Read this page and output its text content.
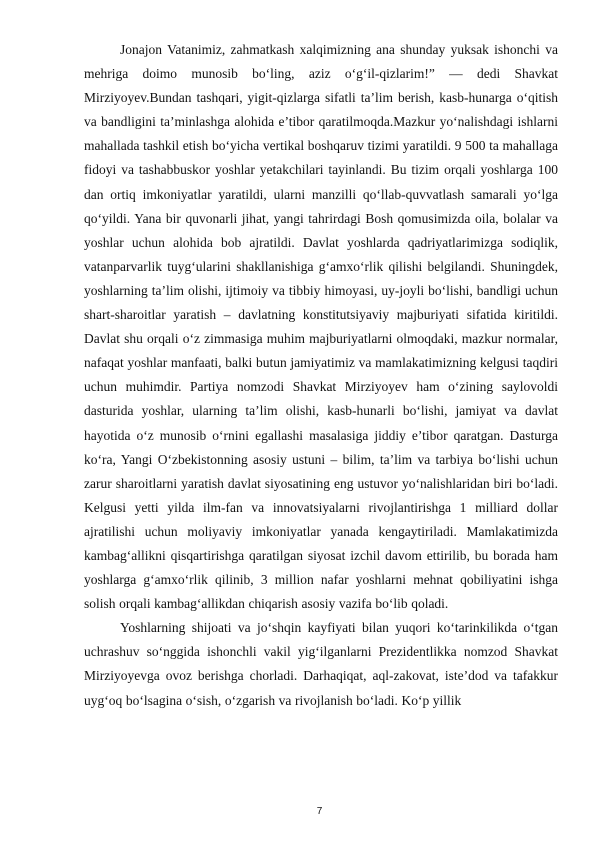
Jonajon Vatanimiz, zahmatkash xalqimizning ana shunday yuksak ishonchi va mehriga doimo munosib bo‘ling, aziz o‘g‘il-qizlarim!” — dedi Shavkat Mirziyoyev.Bundan tashqari, yigit-qizlarga sifatli ta’lim berish, kasb-hunarga o‘qitish va bandligini ta’minlashga alohida e’tibor qaratilmoqda.Mazkur yo‘nalishdagi ishlarni mahallada tashkil etish bo‘yicha vertikal boshqaruv tizimi yaratildi. 9 500 ta mahallaga fidoyi va tashabbuskor yoshlar yetakchilari tayinlandi. Bu tizim orqali yoshlarga 100 dan ortiq imkoniyatlar yaratildi, ularni manzilli qo‘llab-quvvatlash samarali yo‘lga qo‘yildi. Yana bir quvonarli jihat, yangi tahrirdagi Bosh qomusimizda oila, bolalar va yoshlar uchun alohida bob ajratildi. Davlat yoshlarda qadriyatlarimizga sodiqlik, vatanparvarlik tuyg‘ularini shakllanishiga g‘amxo‘rlik qilishi belgilandi. Shuningdek, yoshlarning ta’lim olishi, ijtimoiy va tibbiy himoyasi, uy-joyli bo‘lishi, bandligi uchun shart-sharoitlar yaratish – davlatning konstitutsiyaviy majburiyati sifatida kiritildi. Davlat shu orqali o‘z zimmasiga muhim majburiyatlarni olmoqdaki, mazkur normalar, nafaqat yoshlar manfaati, balki butun jamiyatimiz va mamlakatimizning kelgusi taqdiri uchun muhimdir. Partiya nomzodi Shavkat Mirziyoyev ham o‘zining saylovoldi dasturida yoshlar, ularning ta’lim olishi, kasb-hunarli bo‘lishi, jamiyat va davlat hayotida o‘z munosib o‘rnini egallashi masalasiga jiddiy e’tibor qaratgan. Dasturga ko‘ra, Yangi O‘zbekistonning asosiy ustuni – bilim, ta’lim va tarbiya bo‘lishi uchun zarur sharoitlarni yaratish davlat siyosatining eng ustuvor yo‘nalishlaridan biri bo‘ladi. Kelgusi yetti yilda ilm-fan va innovatsiyalarni rivojlantirishga 1 milliard dollar ajratilishi uchun moliyaviy imkoniyatlar yanada kengaytiriladi. Mamlakatimizda kambag‘allikni qisqartirishga qaratilgan siyosat izchil davom ettirilib, bu borada ham yoshlarga g‘amxo‘rlik qilinib, 3 million nafar yoshlarni mehnat qobiliyatini ishga solish orqali kambag‘allikdan chiqarish asosiy vazifa bo‘lib qoladi.

Yoshlarning shijoati va jo‘shqin kayfiyati bilan yuqori ko‘tarinkilikda o‘tgan uchrashuv so‘nggida ishonchli vakil yig‘ilganlarni Prezidentlikka nomzod Shavkat Mirziyoyevga ovoz berishga chorladi. Darhaqiqat, aql-zakovat, iste’dod va tafakkur uyg‘oq bo‘lsagina o‘sish, o‘zgarish va rivojlanish bo‘ladi. Ko‘p yillik

7
